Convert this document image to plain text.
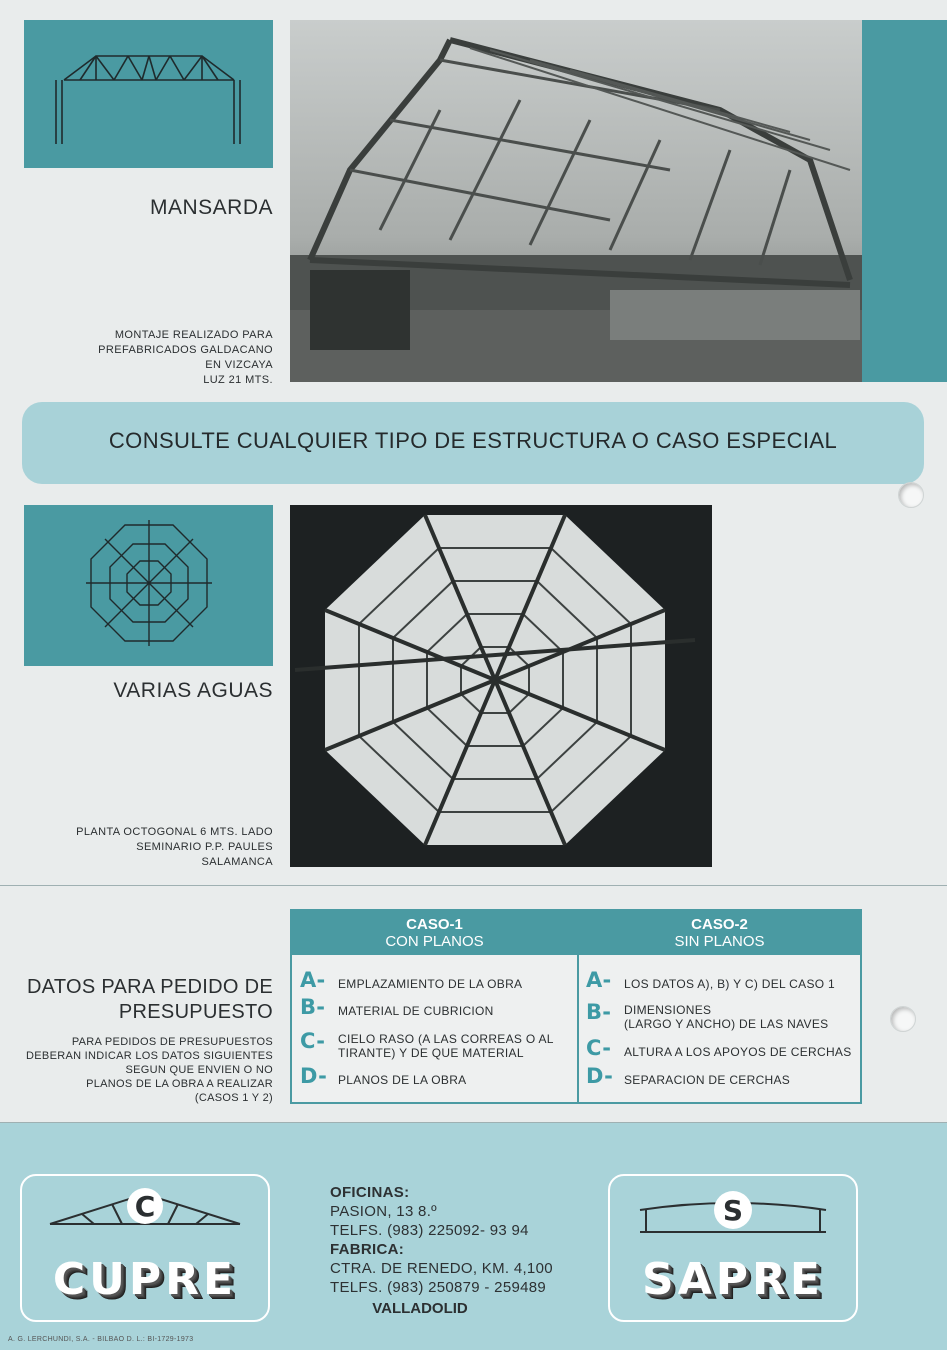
MANSARDA
MONTAJE REALIZADO PARA
PREFABRICADOS GALDACANO
EN VIZCAYA
LUZ 21 MTS.
CONSULTE CUALQUIER TIPO DE ESTRUCTURA O CASO ESPECIAL
VARIAS AGUAS
PLANTA OCTOGONAL 6 MTS. LADO
SEMINARIO P.P. PAULES
SALAMANCA
DATOS PARA PEDIDO DE
PRESUPUESTO
PARA PEDIDOS DE PRESUPUESTOS
DEBERAN INDICAR LOS DATOS SIGUIENTES
SEGUN QUE ENVIEN O NO
PLANOS DE LA OBRA A REALIZAR
(CASOS 1 Y 2)
CASO-1
CON PLANOS
CASO-2
SIN PLANOS
A- EMPLAZAMIENTO DE LA OBRA
B- MATERIAL DE CUBRICION
C- CIELO RASO (A LAS CORREAS O AL
TIRANTE) Y DE QUE MATERIAL
D- PLANOS DE LA OBRA
A- LOS DATOS A), B) Y C) DEL CASO 1
B- DIMENSIONES
(LARGO Y ANCHO) DE LAS NAVES
C- ALTURA A LOS APOYOS DE CERCHAS
D- SEPARACION DE CERCHAS
C
CUPRE
S
SAPRE
OFICINAS:
PASION, 13 8.º
TELFS. (983) 225092- 93 94
FABRICA:
CTRA. DE RENEDO, KM. 4,100
TELFS. (983) 250879 - 259489
VALLADOLID
A. G. LERCHUNDI, S.A. - BILBAO D. L.: BI-1729-1973
